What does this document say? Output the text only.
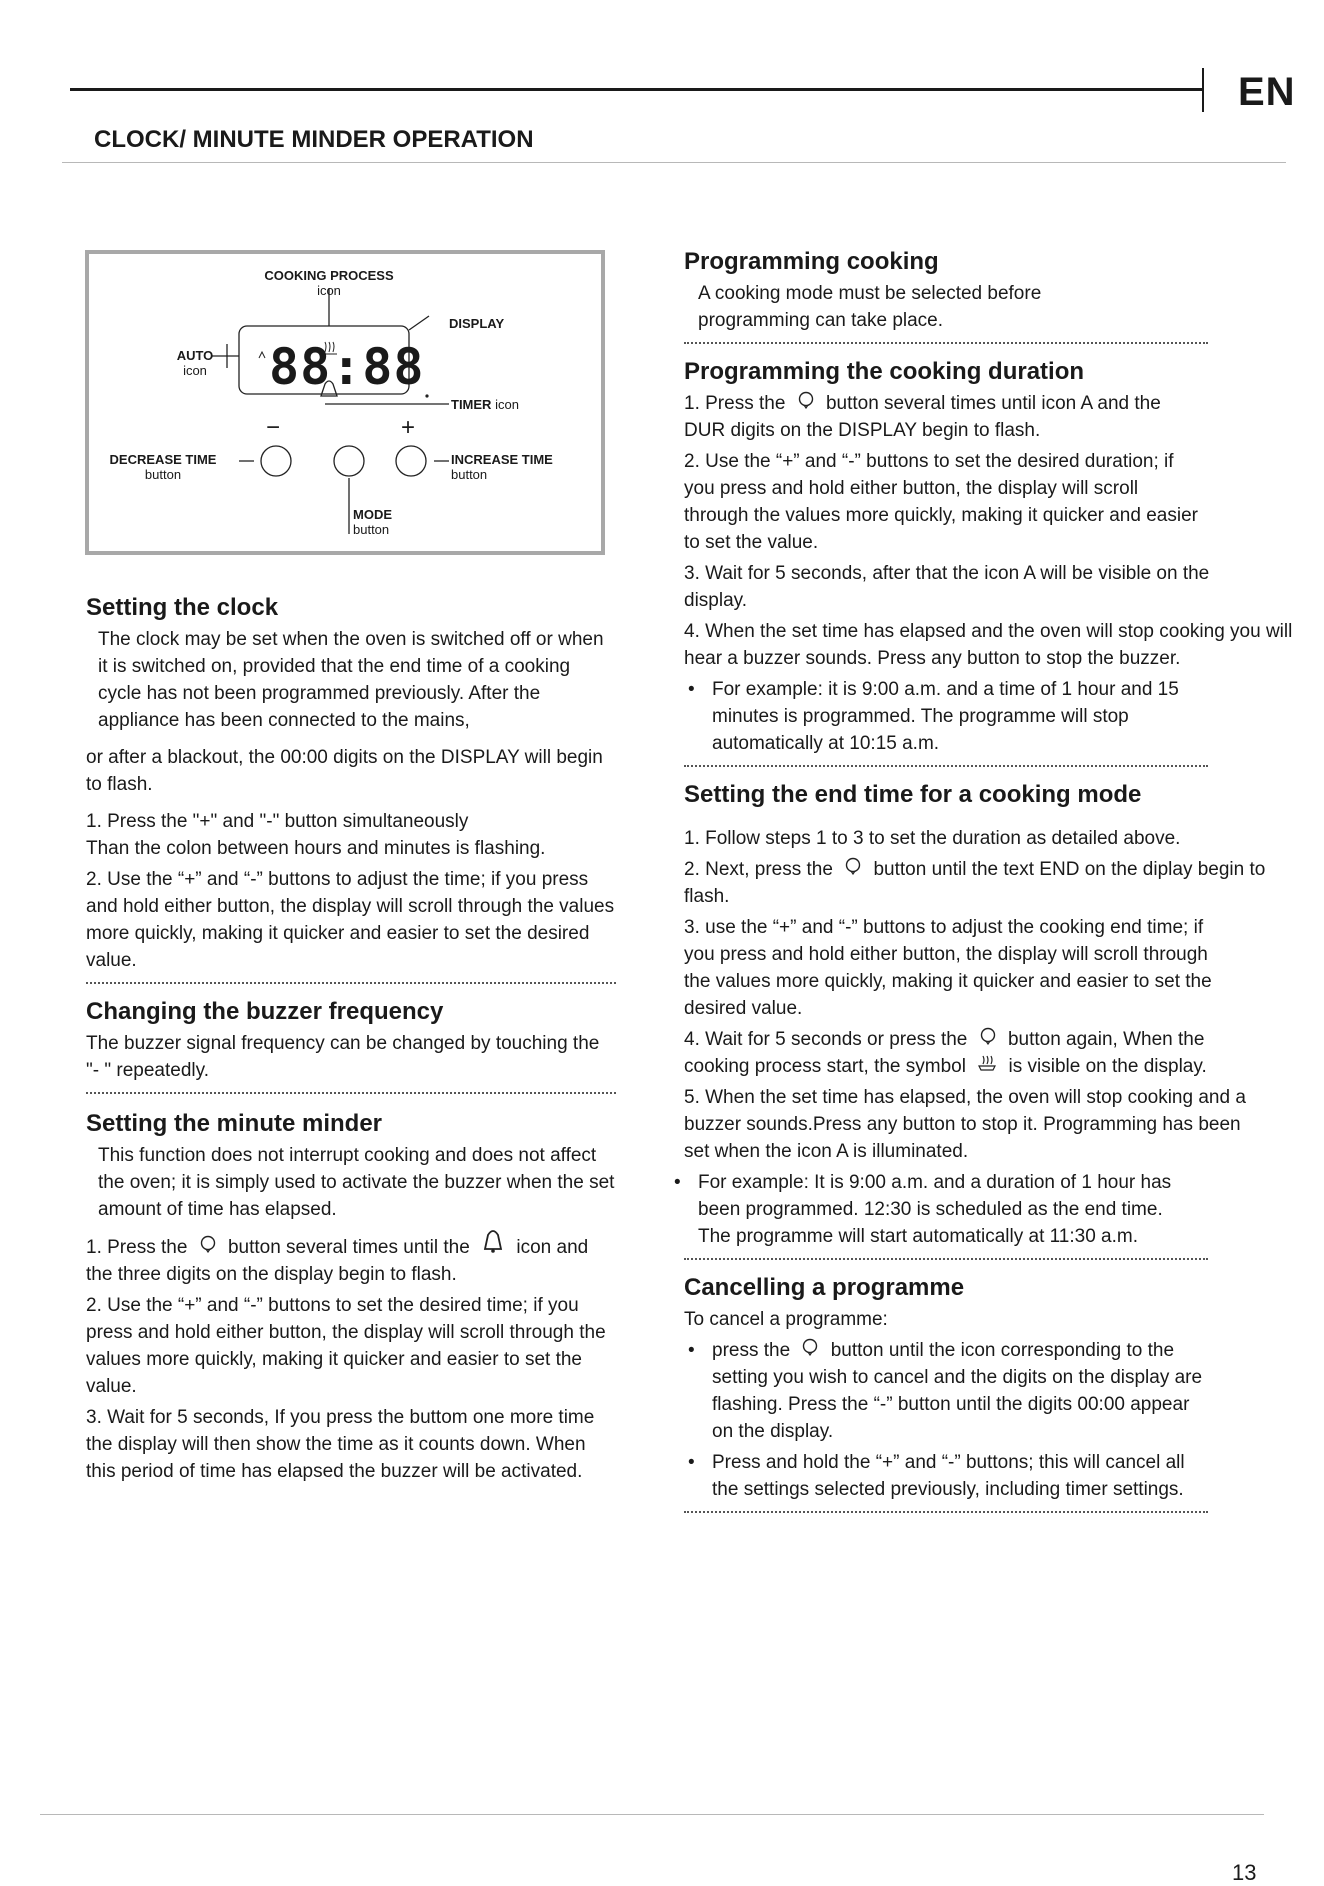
EN
CLOCK/ MINUTE MINDER OPERATION
COOKING PROCESS
icon
DISPLAY
AUTO
icon 88:88
TIMER icon
−	+
DECREASE TIME
button
INCREASE TIME
button
MODE
button
Setting the clock

The clock may be set when the oven is switched off or when it is switched on, provided that the end time of a cooking cycle has not been programmed previously. After the appliance has been connected to the mains,

or after a blackout, the 00:00 digits on the DISPLAY will begin to flash.

1. Press the "+" and "-" button simultaneously

Than the colon between hours and minutes is flashing.

2. Use the “+” and “-” buttons to adjust the time; if you press and hold either button, the display will scroll through the values more quickly, making it quicker and easier to set the desired value.

Changing the buzzer frequency

The buzzer signal frequency can be changed by touching the "- " repeatedly.

Setting the minute minder

This function does not interrupt cooking and does not affect the oven; it is simply used to activate the buzzer when the set amount of time has elapsed.

1. Press the button several times until the icon and the three digits on the display begin to flash.

2. Use the “+” and “-” buttons to set the desired time; if you press and hold either button, the display will scroll through the values more quickly, making it quicker and easier to set the value.

3. Wait for 5 seconds, If you press the buttom one more time the display will then show the time as it counts down. When this period of time has elapsed the buzzer will be activated.

Programming cooking

A cooking mode must be selected before programming can take place.

Programming the cooking duration

1. Press the button several times until icon A and the DUR digits on the DISPLAY begin to flash.

2. Use the “+” and “-” buttons to set the desired duration; if you press and hold either button, the display will scroll through the values more quickly, making it quicker and easier to set the value.

3. Wait for 5 seconds, after that the icon A will be visible on the display.

4. When the set time has elapsed and the oven will stop cooking you will hear a buzzer sounds. Press any button to stop the buzzer.

• For example: it is 9:00 a.m. and a time of 1 hour and 15 minutes is programmed. The programme will stop automatically at 10:15 a.m.

Setting the end time for a cooking mode

1. Follow steps 1 to 3 to set the duration as detailed above.

2. Next, press the button until the text END on the diplay begin to flash.

3. use the “+” and “-” buttons to adjust the cooking end time; if you press and hold either button, the display will scroll through the values more quickly, making it quicker and easier to set the desired value.

4. Wait for 5 seconds or press the button again, When the cooking process start, the symbol is visible on the display.

5. When the set time has elapsed, the oven will stop cooking and a buzzer sounds.Press any button to stop it. Programming has been set when the icon A is illuminated.

• For example: It is 9:00 a.m. and a duration of 1 hour has been programmed. 12:30 is scheduled as the end time. The programme will start automatically at 11:30 a.m.

Cancelling a programme

To cancel a programme:

• press the button until the icon corresponding to the setting you wish to cancel and the digits on the display are flashing. Press the “-” button until the digits 00:00 appear on the display.

• Press and hold the “+” and “-” buttons; this will cancel all the settings selected previously, including timer settings.

13
